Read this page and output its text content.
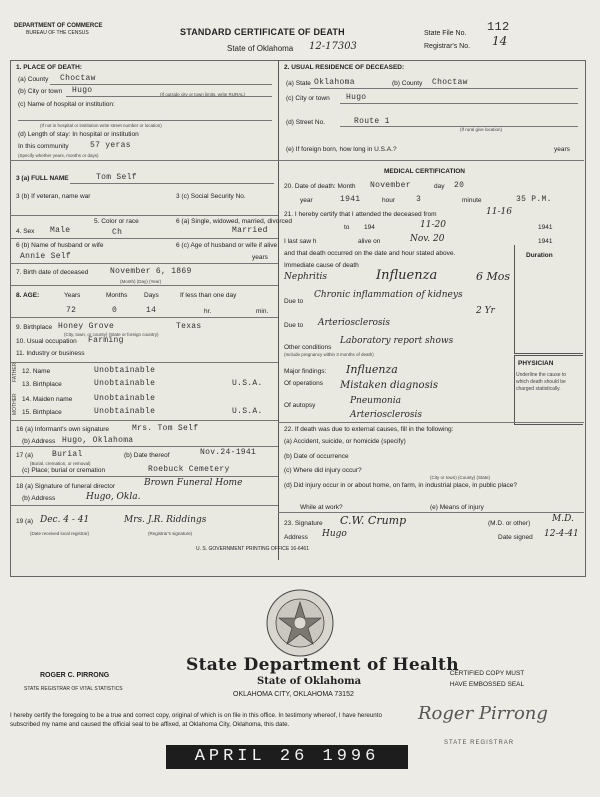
DEPARTMENT OF COMMERCE
BUREAU OF THE CENSUS	STANDARD CERTIFICATE OF DEATH
State of Oklahoma 12-17303
State File No. 112
Registrar's No. 14
1. PLACE OF DEATH:
(a) County Choctaw
(b) City or town Hugo	(If outside city or town limits, write RURAL)
(c) Name of hospital or institution:
(If not in hospital or institution write street number or location)
(d) Length of stay: In hospital or institution
In this community	57 yeras
(Specify whether years, months or days)
2. USUAL RESIDENCE OF DECEASED:
(a) State Oklahoma	(b) County Choctaw
(c) City or town Hugo
(d) Street No.	Route 1
(If rural give location)
(e) If foreign born, how long in U.S.A.?	years
3 (a) FULL NAME	Tom Self
3 (b) If veteran, name war	3 (c) Social Security No.
4. Sex Male
5. Color or race
Ch
6 (a) Single, widowed, married, divorced
Married
6 (b) Name of husband or wife
Annie Self
6 (c) Age of husband or wife if alive
years
7. Birth date of deceased	November 6, 1869
(Month) (Day) (Year)
8. AGE:	Years	Months	Days	If less than one day
72	0	14	hr.	min.
9. Birthplace Honey Grove	Texas
(City, town, or county) (State or foreign country)
10. Usual occupation Farming
11. Industry or business
FATHER
MOTHER
12. Name	Unobtainable
13. Birthplace	Unobtainable	U.S.A.
14. Maiden name	Unobtainable
15. Birthplace	Unobtainable	U.S.A.
16 (a) Informant's own signature	Mrs. Tom Self
(b) Address Hugo, Oklahoma
17 (a) Burial
(Burial, cremation, or removal)
(b) Date thereof	Nov.24-1941
(c) Place; burial or cremation	Roebuck Cemetery
18 (a) Signature of funeral director	Brown Funeral Home
(b) Address	Hugo, Okla.
19 (a) Dec. 4 - 41
(Date received local registrar)
Mrs. J.R. Riddings
(Registrar's signature)
MEDICAL CERTIFICATION
20. Date of death: Month November	day 20
year	1941	hour	3	minute	35 P.M.
21. I hereby certify that I attended the deceased from	11-16
to 194	11-20	1941
I last saw h	alive on	Nov. 20	1941
and that death occurred on the date and hour stated above.	Duration
Immediate cause of death
Nephritis	Influenza	6 Mos
Due to
Chronic inflammation of kidneys
2 Yr
Due to Arteriosclerosis
Other conditions
(Include pregnancy within 3 months of death)
Laboratory report shows
Major findings: Influenza
Of operations Mistaken diagnosis
Pneumonia
Arteriosclerosis
Of autopsy
PHYSICIAN
Underline the cause to which death should be charged statistically.
22. If death was due to external causes, fill in the following:
(a) Accident, suicide, or homicide (specify)
(b) Date of occurrence
(c) Where did injury occur?
(City or town) (County) (State)
(d) Did injury occur in or about home, on farm, in industrial place, in public place?
While at work?	(e) Means of injury
23. Signature C.W. Crump	(M.D. or other) M.D.
Address Hugo	Date signed 12-4-41
U. S. GOVERNMENT PRINTING OFFICE 16-6461
State Department of Health
State of Oklahoma
OKLAHOMA CITY, OKLAHOMA 73152
ROGER C. PIRRONG
STATE REGISTRAR OF VITAL STATISTICS
CERTIFIED COPY MUST
HAVE EMBOSSED SEAL
I hereby certify the foregoing to be a true and correct copy, original of which is on file in this office. In testimony whereof, I have hereunto subscribed my name and caused the official seal to be affixed, at Oklahoma City, Oklahoma, this date.
APRIL 26 1996
Roger Pirrong
STATE REGISTRAR
